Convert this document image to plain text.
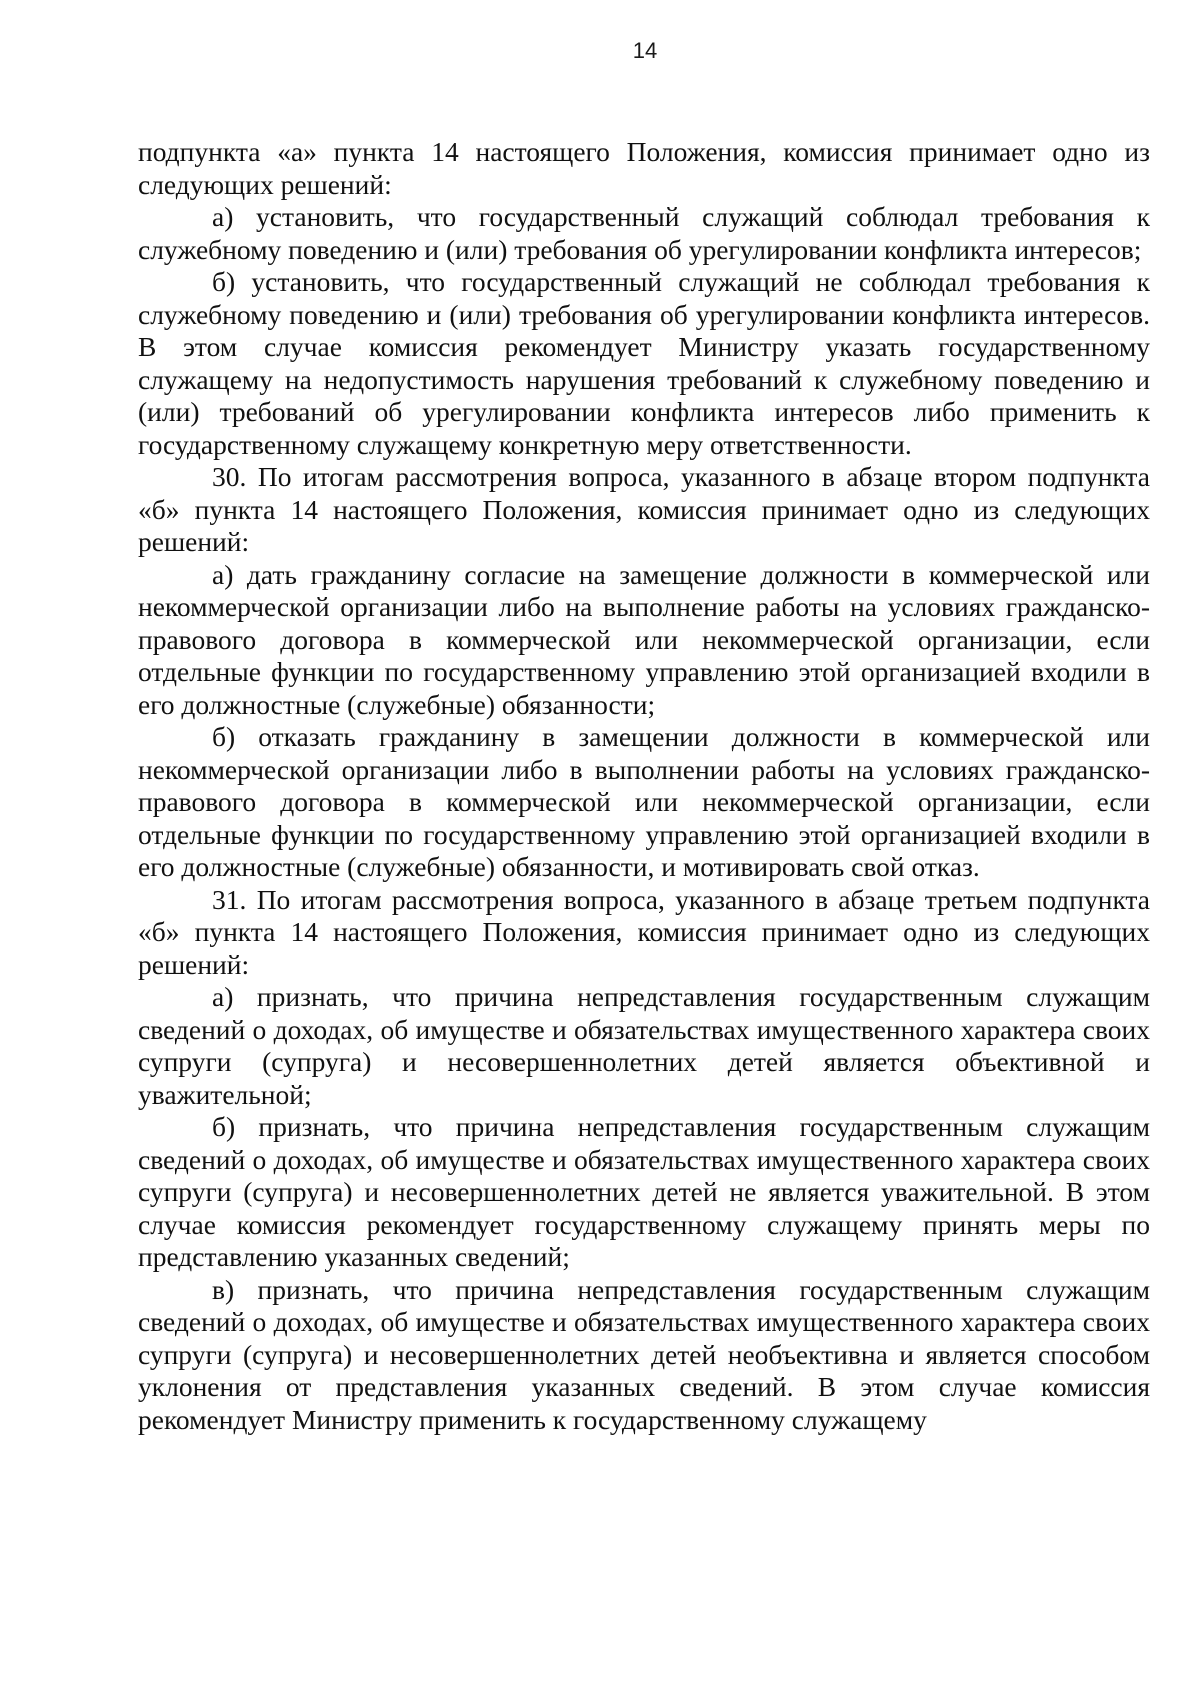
14

подпункта «а» пункта 14 настоящего Положения, комиссия принимает одно из следующих решений:

а) установить, что государственный служащий соблюдал требования к служебному поведению и (или) требования об урегулировании конфликта интересов;

б) установить, что государственный служащий не соблюдал требования к служебному поведению и (или) требования об урегулировании конфликта интересов. В этом случае комиссия рекомендует Министру указать государственному служащему на недопустимость нарушения требований к служебному поведению и (или) требований об урегулировании конфликта интересов либо применить к государственному служащему конкретную меру ответственности.

30. По итогам рассмотрения вопроса, указанного в абзаце втором подпункта «б» пункта 14 настоящего Положения, комиссия принимает одно из следующих решений:

а) дать гражданину согласие на замещение должности в коммерческой или некоммерческой организации либо на выполнение работы на условиях гражданско-правового договора в коммерческой или некоммерческой организации, если отдельные функции по государственному управлению этой организацией входили в его должностные (служебные) обязанности;

б) отказать гражданину в замещении должности в коммерческой или некоммерческой организации либо в выполнении работы на условиях гражданско-правового договора в коммерческой или некоммерческой организации, если отдельные функции по государственному управлению этой организацией входили в его должностные (служебные) обязанности, и мотивировать свой отказ.

31. По итогам рассмотрения вопроса, указанного в абзаце третьем подпункта «б» пункта 14 настоящего Положения, комиссия принимает одно из следующих решений:

а) признать, что причина непредставления государственным служащим сведений о доходах, об имуществе и обязательствах имущественного характера своих супруги (супруга) и несовершеннолетних детей является объективной и уважительной;

б) признать, что причина непредставления государственным служащим сведений о доходах, об имуществе и обязательствах имущественного характера своих супруги (супруга) и несовершеннолетних детей не является уважительной. В этом случае комиссия рекомендует государственному служащему принять меры по представлению указанных сведений;

в) признать, что причина непредставления государственным служащим сведений о доходах, об имуществе и обязательствах имущественного характера своих супруги (супруга) и несовершеннолетних детей необъективна и является способом уклонения от представления указанных сведений. В этом случае комиссия рекомендует Министру применить к государственному служащему
